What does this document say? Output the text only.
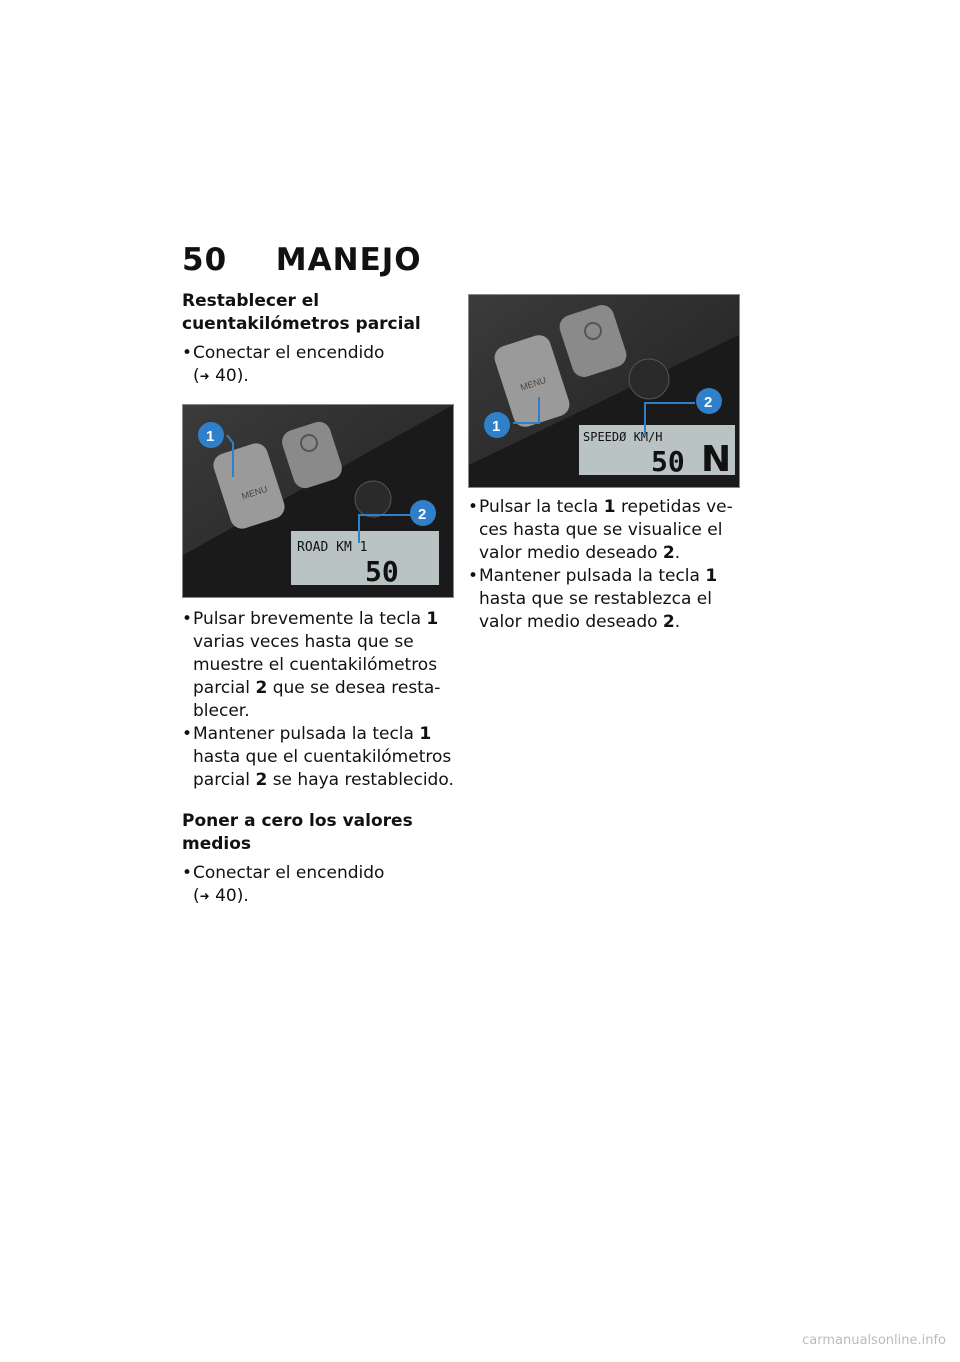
50 MANEJO
Restablecer el cuentakilómetros parcial
• Conectar el encendido
(➜ 40).
MENU
ROAD KM 1
50
1
2
• Pulsar brevemente la tecla 1 varias veces hasta que se muestre el cuentakilómetros parcial 2 que se desea resta-blecer.
• Mantener pulsada la tecla 1 hasta que el cuentakilómetros parcial 2 se haya restablecido.
Poner a cero los valores medios
• Conectar el encendido
(➜ 40).
MENU
SPEEDØ KM/H
50 N
1
2
• Pulsar la tecla 1 repetidas ve-ces hasta que se visualice el valor medio deseado 2.
• Mantener pulsada la tecla 1 hasta que se restablezca el valor medio deseado 2.
carmanualsonline.info
